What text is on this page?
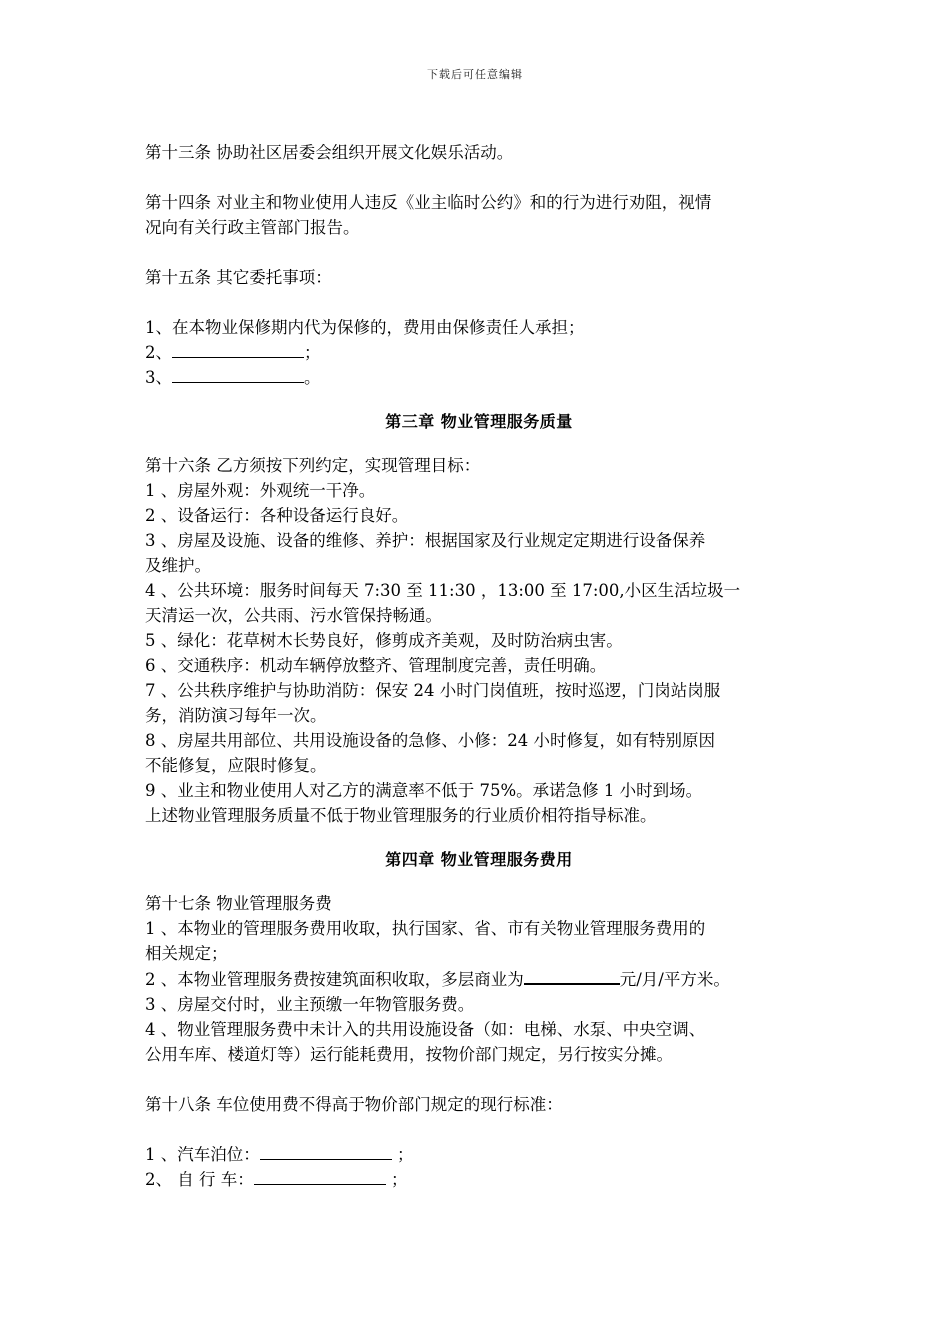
下载后可任意编辑
第十三条 协助社区居委会组织开展文化娱乐活动。
第十四条 对业主和物业使用人违反《业主临时公约》和的行为进行劝阻，视情
况向有关行政主管部门报告。
第十五条 其它委托事项：
1、在本物业保修期内代为保修的，费用由保修责任人承担；
2、	；
3、	。
第三章 物业管理服务质量
第十六条 乙方须按下列约定，实现管理目标：
1 、房屋外观：外观统一干净。
2 、设备运行：各种设备运行良好。
3 、房屋及设施、设备的维修、养护：根据国家及行业规定定期进行设备保养
及维护。
4 、公共环境：服务时间每天 7:30 至 11:30 ，13:00 至 17:00,小区生活垃圾一
天清运一次，公共雨、污水管保持畅通。
5 、绿化：花草树木长势良好，修剪成齐美观，及时防治病虫害。
6 、交通秩序：机动车辆停放整齐、管理制度完善，责任明确。
7 、公共秩序维护与协助消防：保安 24 小时门岗值班，按时巡逻，门岗站岗服
务，消防演习每年一次。
8 、房屋共用部位、共用设施设备的急修、小修：24 小时修复，如有特别原因
不能修复，应限时修复。
9 、业主和物业使用人对乙方的满意率不低于 75%。承诺急修 1 小时到场。
上述物业管理服务质量不低于物业管理服务的行业质价相符指导标准。
第四章 物业管理服务费用
第十七条 物业管理服务费
1 、本物业的管理服务费用收取，执行国家、省、市有关物业管理服务费用的
相关规定；
2 、本物业管理服务费按建筑面积收取，多层商业为	元/月/平方米。
3 、房屋交付时，业主预缴一年物管服务费。
4 、物业管理服务费中未计入的共用设施设备（如：电梯、水泵、中央空调、
公用车库、楼道灯等）运行能耗费用，按物价部门规定，另行按实分摊。
第十八条 车位使用费不得高于物价部门规定的现行标准：
1 、汽车泊位：	；
2、 自 行 车：	；
